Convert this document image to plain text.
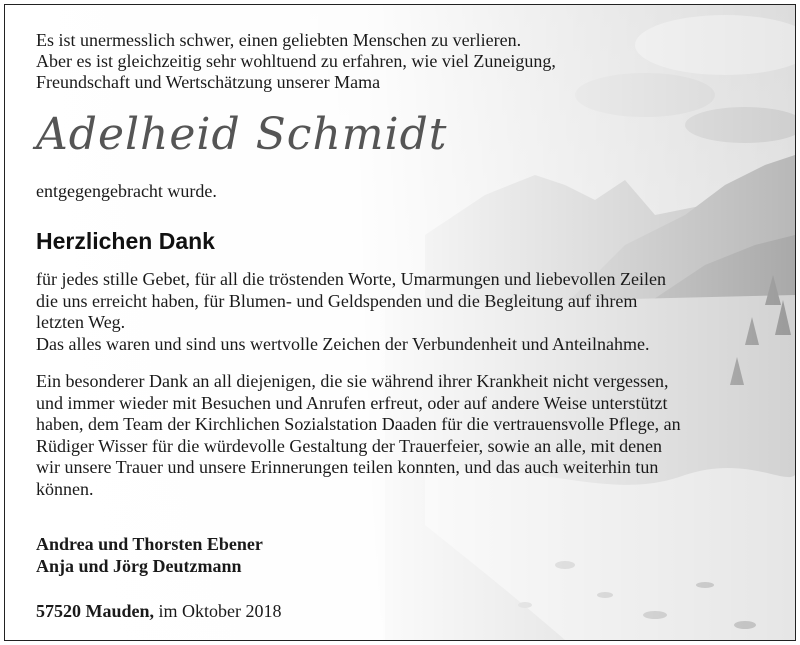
Es ist unermesslich schwer, einen geliebten Menschen zu verlieren.
Aber es ist gleichzeitig sehr wohltuend zu erfahren, wie viel Zuneigung,
Freundschaft und Wertschätzung unserer Mama
Adelheid Schmidt
entgegengebracht wurde.
Herzlichen Dank
für jedes stille Gebet, für all die tröstenden Worte, Umarmungen und liebevollen Zeilen
die uns erreicht haben, für Blumen- und Geldspenden und die Begleitung auf ihrem
letzten Weg.
Das alles waren und sind uns wertvolle Zeichen der Verbundenheit und Anteilnahme.
Ein besonderer Dank an all diejenigen, die sie während ihrer Krankheit nicht vergessen,
und immer wieder mit Besuchen und Anrufen erfreut, oder auf andere Weise unterstützt
haben, dem Team der Kirchlichen Sozialstation Daaden für die vertrauensvolle Pflege, an
Rüdiger Wisser für die würdevolle Gestaltung der Trauerfeier, sowie an alle, mit denen
wir unsere Trauer und unsere Erinnerungen teilen konnten, und das auch weiterhin tun
können.
Andrea und Thorsten Ebener
Anja und Jörg Deutzmann
57520 Mauden, im Oktober 2018
